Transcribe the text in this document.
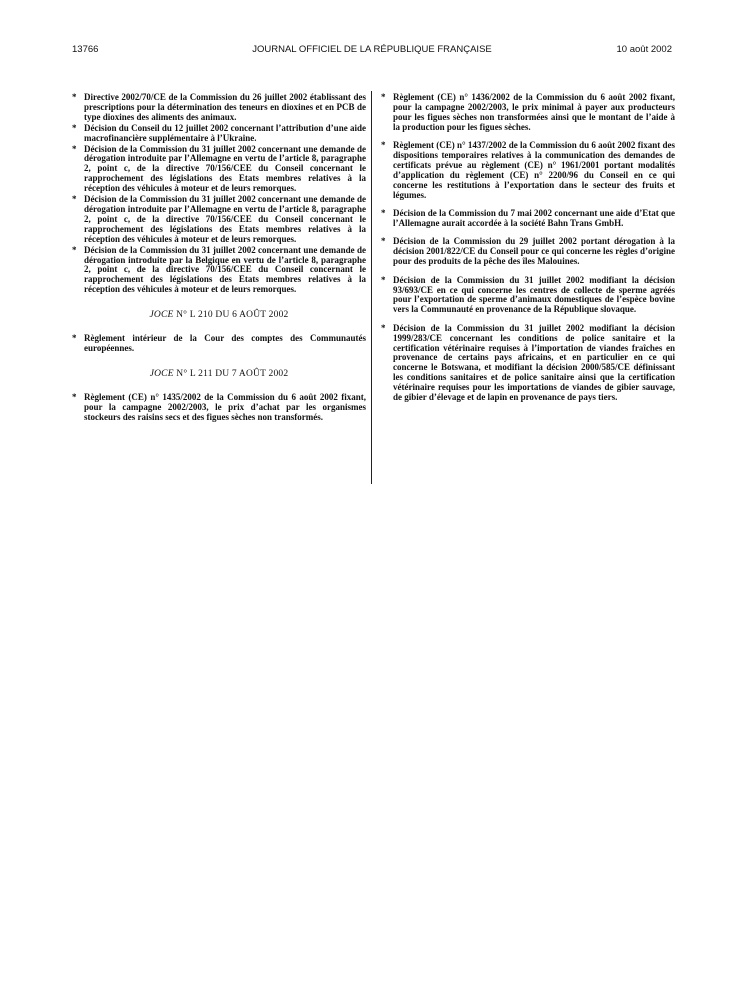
13766	JOURNAL OFFICIEL DE LA RÉPUBLIQUE FRANÇAISE	10 août 2002
* Directive 2002/70/CE de la Commission du 26 juillet 2002 établissant des prescriptions pour la détermination des teneurs en dioxines et en PCB de type dioxines des aliments des animaux.
* Décision du Conseil du 12 juillet 2002 concernant l’attribution d’une aide macrofinancière supplémentaire à l’Ukraine.
* Décision de la Commission du 31 juillet 2002 concernant une demande de dérogation introduite par l’Allemagne en vertu de l’article 8, paragraphe 2, point c, de la directive 70/156/CEE du Conseil concernant le rapprochement des législations des Etats membres relatives à la réception des véhicules à moteur et de leurs remorques.
* Décision de la Commission du 31 juillet 2002 concernant une demande de dérogation introduite par l’Allemagne en vertu de l’article 8, paragraphe 2, point c, de la directive 70/156/CEE du Conseil concernant le rapprochement des législations des Etats membres relatives à la réception des véhicules à moteur et de leurs remorques.
* Décision de la Commission du 31 juillet 2002 concernant une demande de dérogation introduite par la Belgique en vertu de l’article 8, paragraphe 2, point c, de la directive 70/156/CEE du Conseil concernant le rapprochement des législations des Etats membres relatives à la réception des véhicules à moteur et de leurs remorques.
JOCE N° L 210 DU 6 AOÛT 2002
* Règlement intérieur de la Cour des comptes des Communautés européennes.
JOCE N° L 211 DU 7 AOÛT 2002
* Règlement (CE) n° 1435/2002 de la Commission du 6 août 2002 fixant, pour la campagne 2002/2003, le prix d’achat par les organismes stockeurs des raisins secs et des figues sèches non transformés.
* Règlement (CE) n° 1436/2002 de la Commission du 6 août 2002 fixant, pour la campagne 2002/2003, le prix minimal à payer aux producteurs pour les figues sèches non transformées ainsi que le montant de l’aide à la production pour les figues sèches.
* Règlement (CE) n° 1437/2002 de la Commission du 6 août 2002 fixant des dispositions temporaires relatives à la communication des demandes de certificats prévue au règlement (CE) n° 1961/2001 portant modalités d’application du règlement (CE) n° 2200/96 du Conseil en ce qui concerne les restitutions à l’exportation dans le secteur des fruits et légumes.
* Décision de la Commission du 7 mai 2002 concernant une aide d’Etat que l’Allemagne aurait accordée à la société Bahn Trans GmbH.
* Décision de la Commission du 29 juillet 2002 portant dérogation à la décision 2001/822/CE du Conseil pour ce qui concerne les règles d’origine pour des produits de la pêche des îles Malouines.
* Décision de la Commission du 31 juillet 2002 modifiant la décision 93/693/CE en ce qui concerne les centres de collecte de sperme agréés pour l’exportation de sperme d’animaux domestiques de l’espèce bovine vers la Communauté en provenance de la République slovaque.
* Décision de la Commission du 31 juillet 2002 modifiant la décision 1999/283/CE concernant les conditions de police sanitaire et la certification vétérinaire requises à l’importation de viandes fraîches en provenance de certains pays africains, et en particulier en ce qui concerne le Botswana, et modifiant la décision 2000/585/CE définissant les conditions sanitaires et de police sanitaire ainsi que la certification vétérinaire requises pour les importations de viandes de gibier sauvage, de gibier d’élevage et de lapin en provenance de pays tiers.
